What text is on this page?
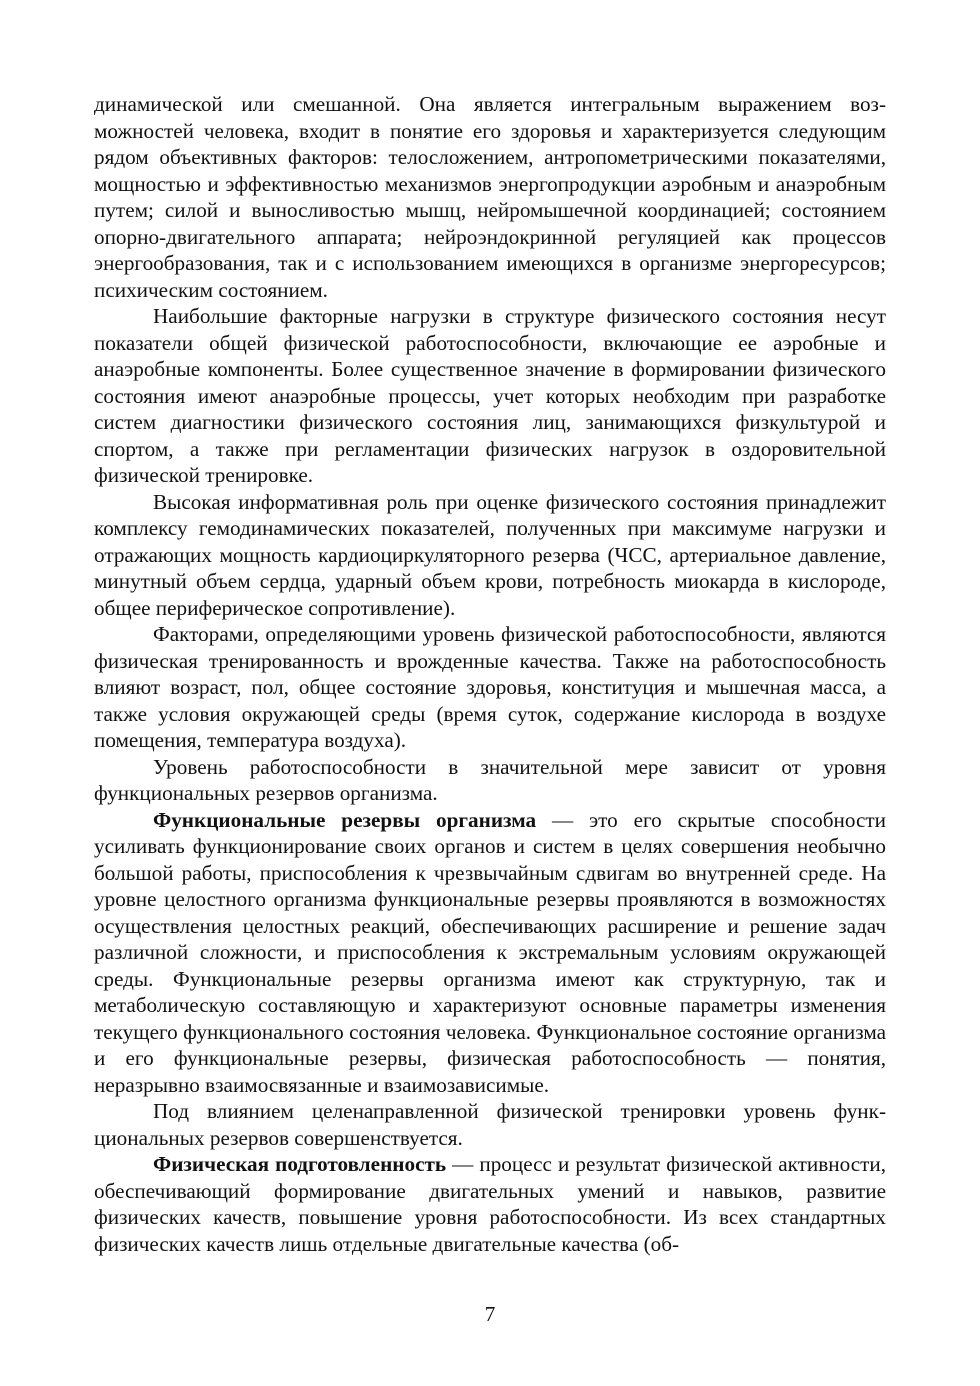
динамической или смешанной. Она является интегральным выражением возможностей человека, входит в понятие его здоровья и характеризуется следующим рядом объективных факторов: телосложением, антропометрическими показателями, мощностью и эффективностью механизмов энергопродукции аэробным и анаэробным путем; силой и выносливостью мышц, нейромышечной координацией; состоянием опорно-двигательного аппарата; нейроэндокринной регуляцией как процессов энергообразования, так и с использованием имеющихся в организме энергоресурсов; психическим состоянием.

Наибольшие факторные нагрузки в структуре физического состояния несут показатели общей физической работоспособности, включающие ее аэробные и анаэробные компоненты. Более существенное значение в формировании физического состояния имеют анаэробные процессы, учет которых необходим при разработке систем диагностики физического состояния лиц, занимающихся физкультурой и спортом, а также при регламентации физических нагрузок в оздоровительной физической тренировке.

Высокая информативная роль при оценке физического состояния принадлежит комплексу гемодинамических показателей, полученных при максимуме нагрузки и отражающих мощность кардиоциркуляторного резерва (ЧСС, артериальное давление, минутный объем сердца, ударный объем крови, потребность миокарда в кислороде, общее периферическое сопротивление).

Факторами, определяющими уровень физической работоспособности, являются физическая тренированность и врожденные качества. Также на работоспособность влияют возраст, пол, общее состояние здоровья, конституция и мышечная масса, а также условия окружающей среды (время суток, содержание кислорода в воздухе помещения, температура воздуха).

Уровень работоспособности в значительной мере зависит от уровня функциональных резервов организма.

Функциональные резервы организма — это его скрытые способности усиливать функционирование своих органов и систем в целях совершения необычно большой работы, приспособления к чрезвычайным сдвигам во внутренней среде. На уровне целостного организма функциональные резервы проявляются в возможностях осуществления целостных реакций, обеспечивающих расширение и решение задач различной сложности, и приспособления к экстремальным условиям окружающей среды. Функциональные резервы организма имеют как структурную, так и метаболическую составляющую и характеризуют основные параметры изменения текущего функционального состояния человека. Функциональное состояние организма и его функциональные резервы, физическая работоспособность — понятия, неразрывно взаимосвязанные и взаимозависимые.

Под влиянием целенаправленной физической тренировки уровень функциональных резервов совершенствуется.

Физическая подготовленность — процесс и результат физической активности, обеспечивающий формирование двигательных умений и навыков, развитие физических качеств, повышение уровня работоспособности. Из всех стандартных физических качеств лишь отдельные двигательные качества (об-

7
